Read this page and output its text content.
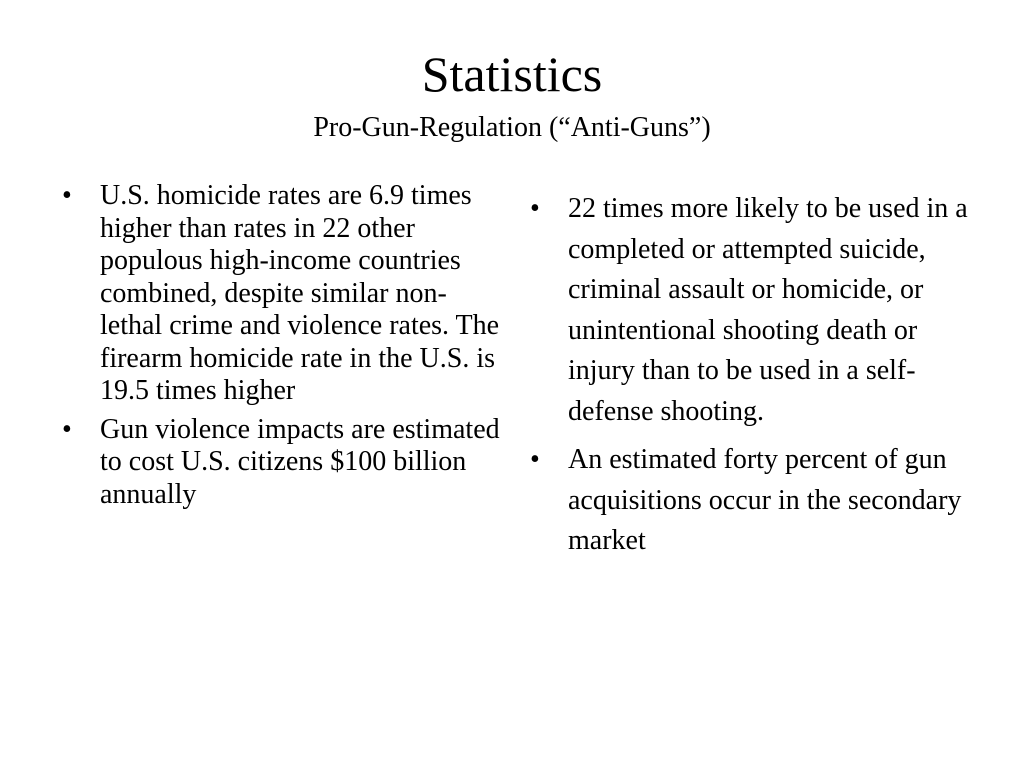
Statistics
Pro-Gun-Regulation (“Anti-Guns”)
• U.S. homicide rates are 6.9 times higher than rates in 22 other populous high-income countries combined, despite similar non-lethal crime and violence rates. The firearm homicide rate in the U.S. is 19.5 times higher
• Gun violence impacts are estimated to cost U.S. citizens $100 billion annually
• 22 times more likely to be used in a completed or attempted suicide, criminal assault or homicide, or unintentional shooting death or injury than to be used in a self-defense shooting.
• An estimated forty percent of gun acquisitions occur in the secondary market
